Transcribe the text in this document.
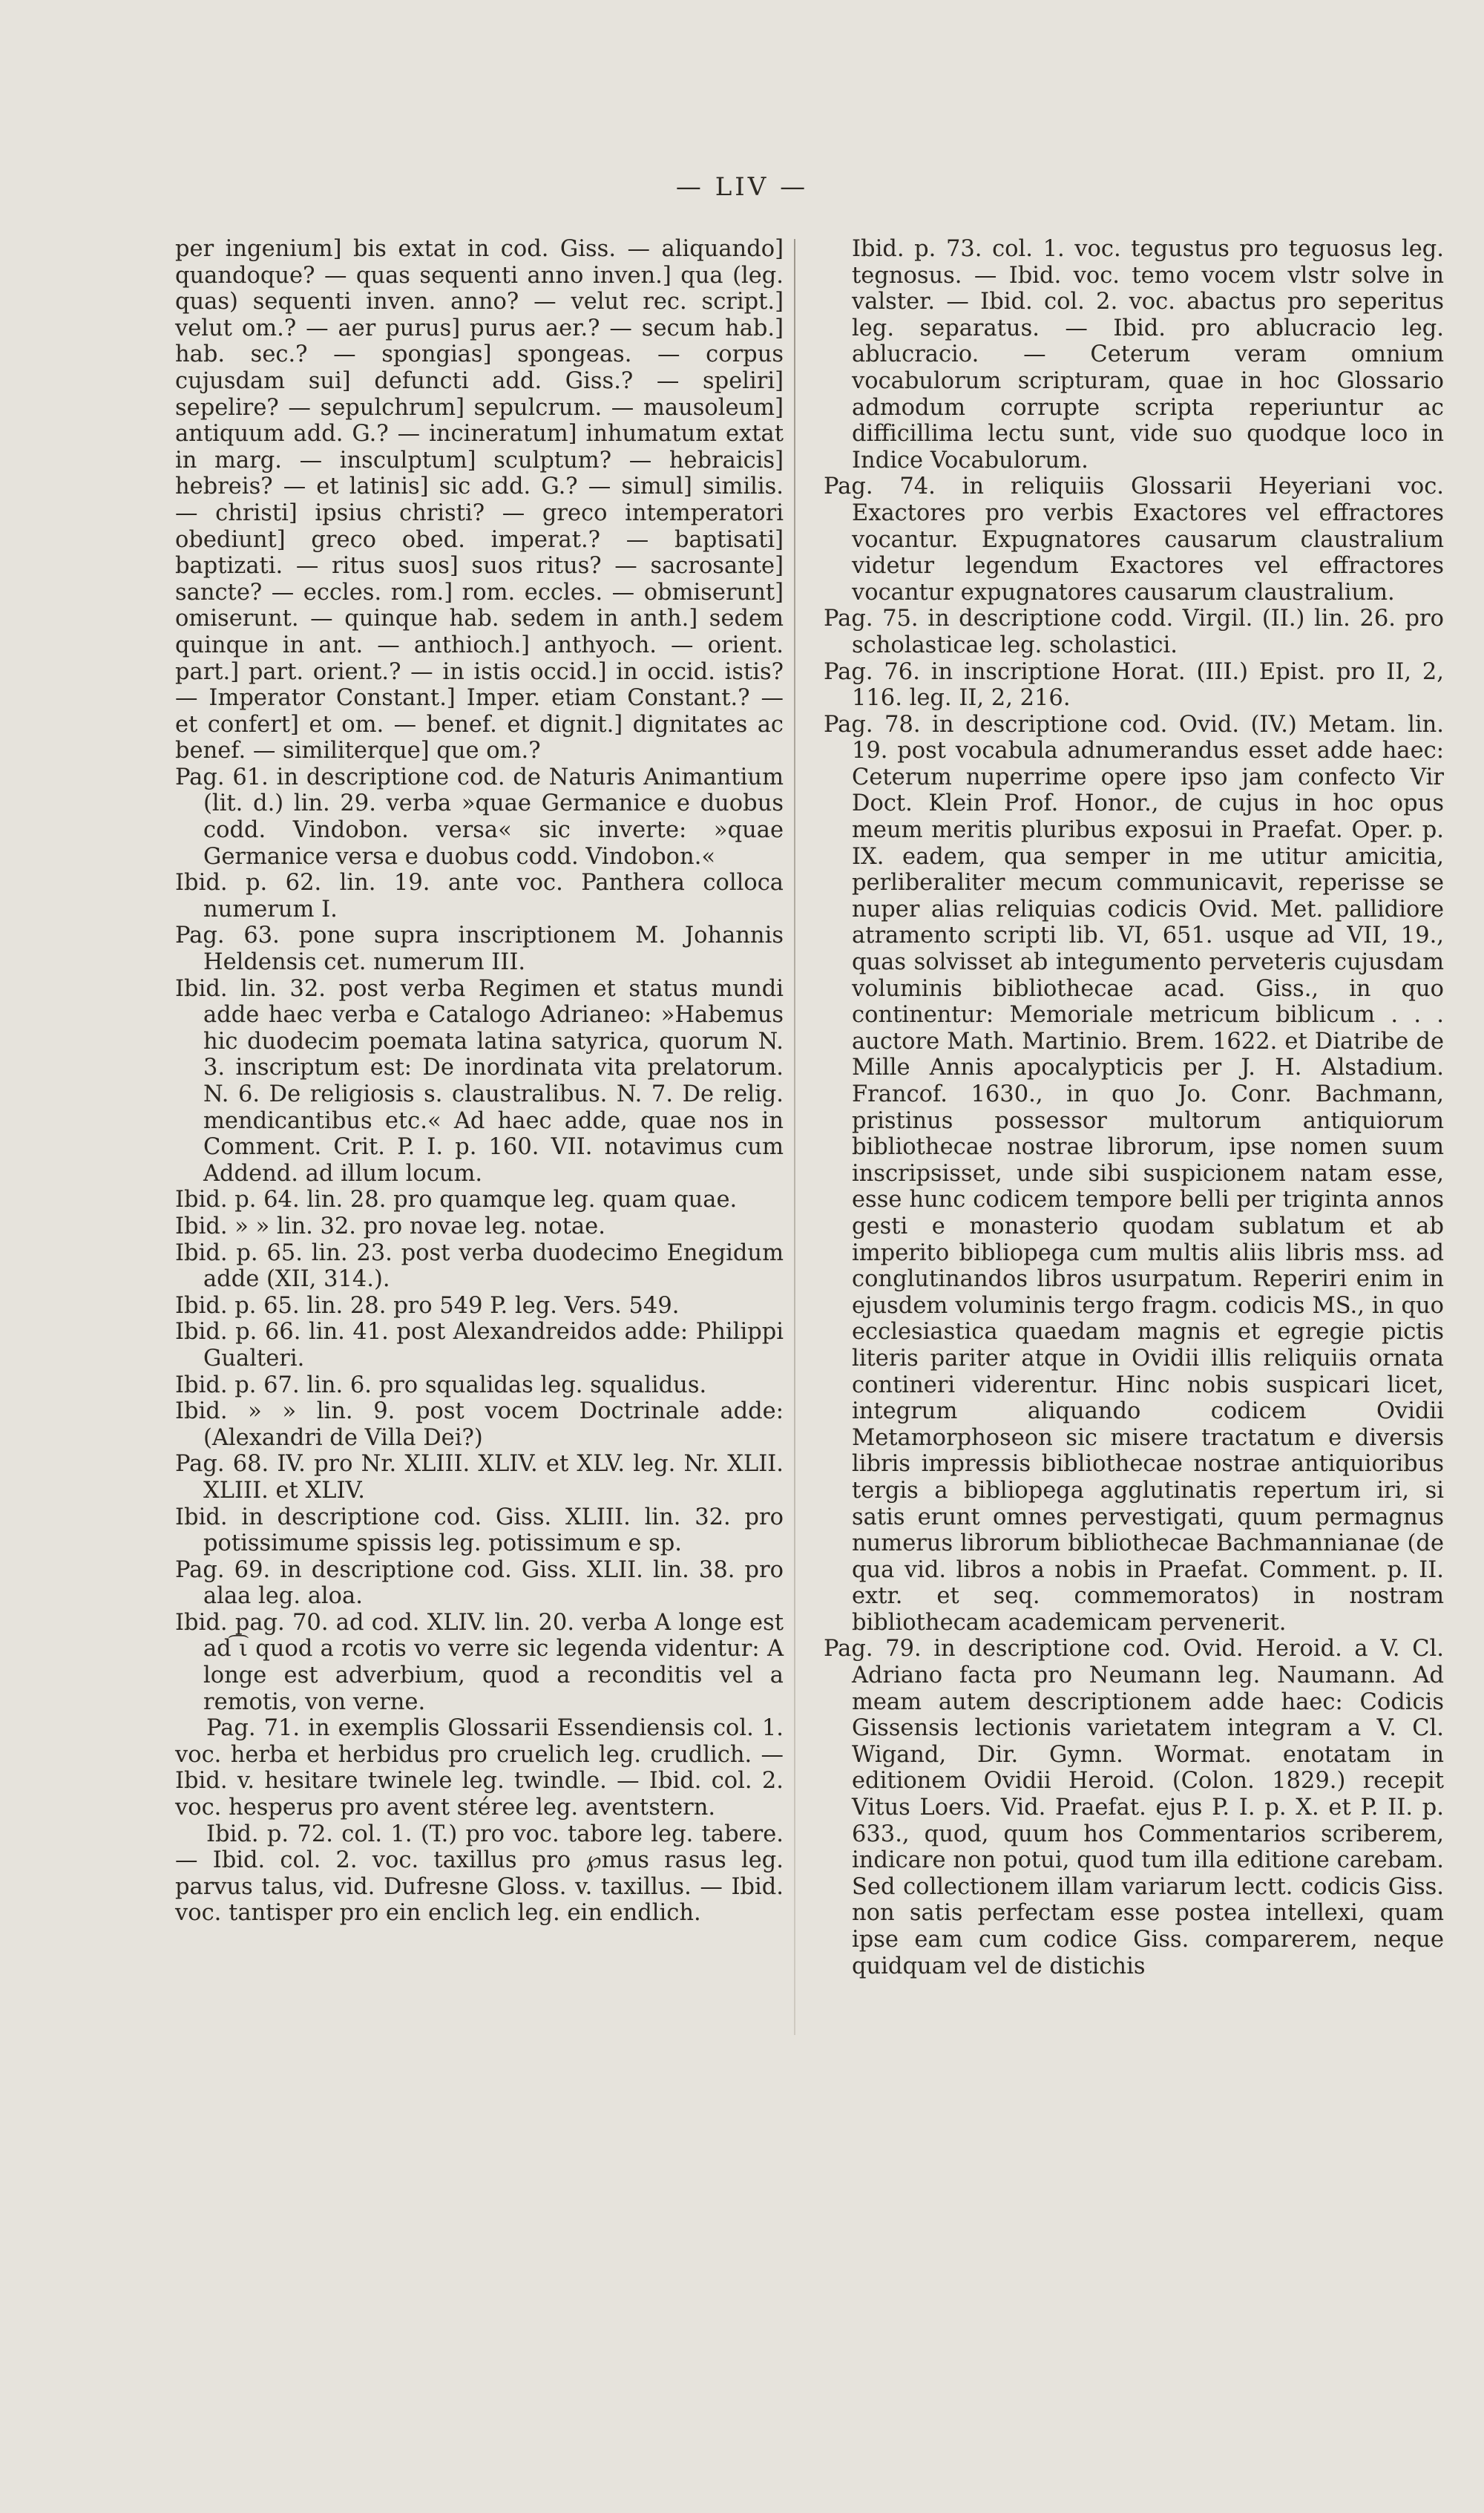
— LIV —

per ingenium] bis extat in cod. Giss. — aliquando] quandoque? — quas sequenti anno inven.] qua (leg. quas) sequenti inven. anno? — velut rec. script.] velut om.? — aer purus] purus aer.? — secum hab.] hab. sec.? — spongias] spongeas. — corpus cujusdam sui] defuncti add. Giss.? — speliri] sepelire? — sepulchrum] sepulcrum. — mausoleum] antiquum add. G.? — incineratum] inhumatum extat in marg. — insculptum] sculptum? — hebraicis] hebreis? — et latinis] sic add. G.? — simul] similis. — christi] ipsius christi? — greco intemperatori obediunt] greco obed. imperat.? — baptisati] baptizati. — ritus suos] suos ritus? — sacrosante] sancte? — eccles. rom.] rom. eccles. — obmiserunt] omiserunt. — quinque hab. sedem in anth.] sedem quinque in ant. — anthioch.] anthyoch. — orient. part.] part. orient.? — in istis occid.] in occid. istis? — Imperator Constant.] Imper. etiam Constant.? — et confert] et om. — benef. et dignit.] dignitates ac benef. — similiterque] que om.?

Pag. 61. in descriptione cod. de Naturis Animantium (lit. d.) lin. 29. verba »quae Germanice e duobus codd. Vindobon. versa« sic inverte: »quae Germanice versa e duobus codd. Vindobon.«

Ibid. p. 62. lin. 19. ante voc. Panthera colloca numerum I.

Pag. 63. pone supra inscriptionem M. Johannis Heldensis cet. numerum III.

Ibid. lin. 32. post verba Regimen et status mundi adde haec verba e Catalogo Adrianeo: »Habemus hic duodecim poemata latina satyrica, quorum N. 3. inscriptum est: De inordinata vita prelatorum. N. 6. De religiosis s. claustralibus. N. 7. De relig. mendicantibus etc.« Ad haec adde, quae nos in Comment. Crit. P. I. p. 160. VII. notavimus cum Addend. ad illum locum.

Ibid. p. 64. lin. 28. pro quamque leg. quam quae.

Ibid. » » lin. 32. pro novae leg. notae.

Ibid. p. 65. lin. 23. post verba duodecimo Enegidum adde (XII, 314.).

Ibid. p. 65. lin. 28. pro 549 P. leg. Vers. 549.

Ibid. p. 66. lin. 41. post Alexandreidos adde: Philippi Gualteri.

Ibid. p. 67. lin. 6. pro squalidas leg. squalidus.

Ibid. » » lin. 9. post vocem Doctrinale adde: (Alexandri de Villa Dei?)

Pag. 68. IV. pro Nr. XLIII. XLIV. et XLV. leg. Nr. XLII. XLIII. et XLIV.

Ibid. in descriptione cod. Giss. XLIII. lin. 32. pro potissimume spissis leg. potissimum e sp.

Pag. 69. in descriptione cod. Giss. XLII. lin. 38. pro alaa leg. aloa.

Ibid. pag. 70. ad cod. XLIV. lin. 20. verba A longe est ad ͡ι quod a rcotis vo verre sic legenda videntur: A longe est adverbium, quod a reconditis vel a remotis, von verne.

Pag. 71. in exemplis Glossarii Essendiensis col. 1. voc. herba et herbidus pro cruelich leg. crudlich. — Ibid. v. hesitare twinele leg. twindle. — Ibid. col. 2. voc. hesperus pro avent stéree leg. aventstern.

Ibid. p. 72. col. 1. (T.) pro voc. tabore leg. tabere. — Ibid. col. 2. voc. taxillus pro ℘mus rasus leg. parvus talus, vid. Dufresne Gloss. v. taxillus. — Ibid. voc. tantisper pro ein enclich leg. ein endlich.

Ibid. p. 73. col. 1. voc. tegustus pro teguosus leg. tegnosus. — Ibid. voc. temo vocem vlstr solve in valster. — Ibid. col. 2. voc. abactus pro seperitus leg. separatus. — Ibid. pro ablucracio leg. ablucracio. — Ceterum veram omnium vocabulorum scripturam, quae in hoc Glossario admodum corrupte scripta reperiuntur ac difficillima lectu sunt, vide suo quodque loco in Indice Vocabulorum.

Pag. 74. in reliquiis Glossarii Heyeriani voc. Exactores pro verbis Exactores vel effractores vocantur. Expugnatores causarum claustralium videtur legendum Exactores vel effractores vocantur expugnatores causarum claustralium.

Pag. 75. in descriptione codd. Virgil. (II.) lin. 26. pro scholasticae leg. scholastici.

Pag. 76. in inscriptione Horat. (III.) Epist. pro II, 2, 116. leg. II, 2, 216.

Pag. 78. in descriptione cod. Ovid. (IV.) Metam. lin. 19. post vocabula adnumerandus esset adde haec: Ceterum nuperrime opere ipso jam confecto Vir Doct. Klein Prof. Honor., de cujus in hoc opus meum meritis pluribus exposui in Praefat. Oper. p. IX. eadem, qua semper in me utitur amicitia, perliberaliter mecum communicavit, reperisse se nuper alias reliquias codicis Ovid. Met. pallidiore atramento scripti lib. VI, 651. usque ad VII, 19., quas solvisset ab integumento perveteris cujusdam voluminis bibliothecae acad. Giss., in quo continentur: Memoriale metricum biblicum . . . auctore Math. Martinio. Brem. 1622. et Diatribe de Mille Annis apocalypticis per J. H. Alstadium. Francof. 1630., in quo Jo. Conr. Bachmann, pristinus possessor multorum antiquiorum bibliothecae nostrae librorum, ipse nomen suum inscripsisset, unde sibi suspicionem natam esse, esse hunc codicem tempore belli per triginta annos gesti e monasterio quodam sublatum et ab imperito bibliopega cum multis aliis libris mss. ad conglutinandos libros usurpatum. Reperiri enim in ejusdem voluminis tergo fragm. codicis MS., in quo ecclesiastica quaedam magnis et egregie pictis literis pariter atque in Ovidii illis reliquiis ornata contineri viderentur. Hinc nobis suspicari licet, integrum aliquando codicem Ovidii Metamorphoseon sic misere tractatum e diversis libris impressis bibliothecae nostrae antiquioribus tergis a bibliopega agglutinatis repertum iri, si satis erunt omnes pervestigati, quum permagnus numerus librorum bibliothecae Bachmannianae (de qua vid. libros a nobis in Praefat. Comment. p. II. extr. et seq. commemoratos) in nostram bibliothecam academicam pervenerit.

Pag. 79. in descriptione cod. Ovid. Heroid. a V. Cl. Adriano facta pro Neumann leg. Naumann. Ad meam autem descriptionem adde haec: Codicis Gissensis lectionis varietatem integram a V. Cl. Wigand, Dir. Gymn. Wormat. enotatam in editionem Ovidii Heroid. (Colon. 1829.) recepit Vitus Loers. Vid. Praefat. ejus P. I. p. X. et P. II. p. 633., quod, quum hos Commentarios scriberem, indicare non potui, quod tum illa editione carebam. Sed collectionem illam variarum lectt. codicis Giss. non satis perfectam esse postea intellexi, quam ipse eam cum codice Giss. comparerem, neque quidquam vel de distichis
